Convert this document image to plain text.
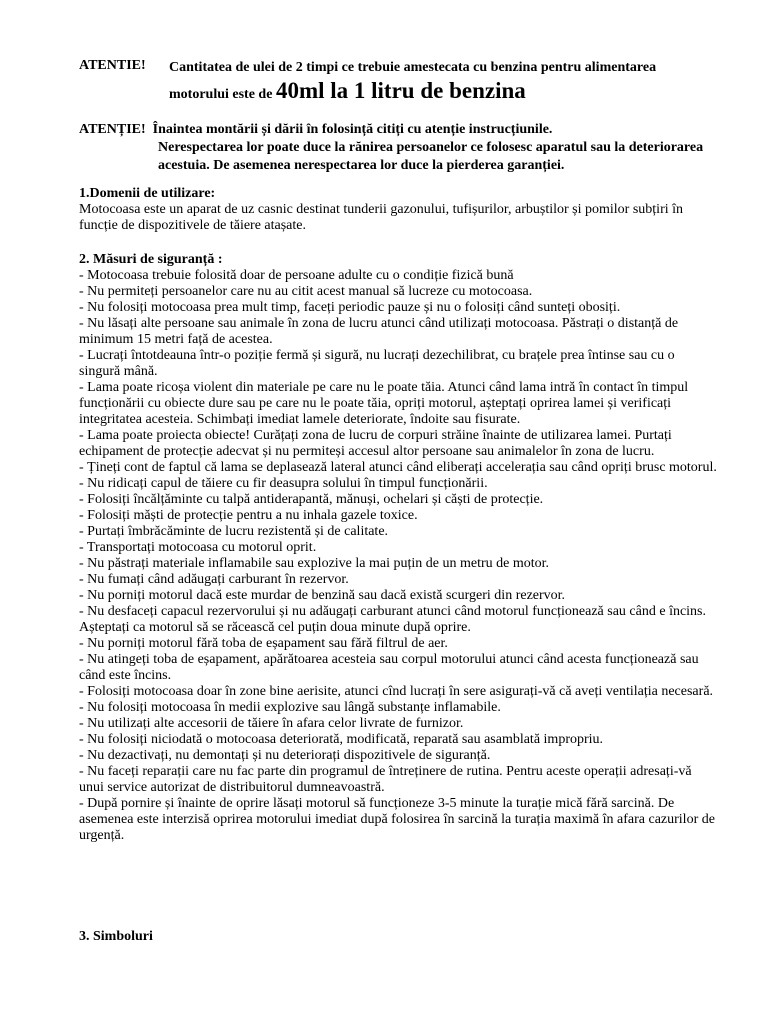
ATENTIE! Cantitatea de ulei de 2 timpi ce trebuie amestecata cu benzina pentru alimentarea
motorului este de 40ml la 1 litru de benzina
ATENȚIE! Înaintea montării și dării în folosință citiți cu atenție instrucțiunile.
Nerespectarea lor poate duce la rănirea persoanelor ce folosesc aparatul sau la deteriorarea
acestuia. De asemenea nerespectarea lor duce la pierderea garanției.
1.Domenii de utilizare:

Motocoasa este un aparat de uz casnic destinat tunderii gazonului, tufișurilor, arbuștilor și pomilor subțiri în funcție de dispozitivele de tăiere atașate.

2. Măsuri de siguranță :
- Motocoasa trebuie folosită doar de persoane adulte cu o condiție fizică bună
- Nu permiteți persoanelor care nu au citit acest manual să lucreze cu motocoasa.
- Nu folosiți motocoasa prea mult timp, faceți periodic pauze și nu o folosiți când sunteți obosiți.
- Nu lăsați alte persoane sau animale în zona de lucru atunci când utilizați motocoasa. Păstrați o distanță de minimum 15 metri față de acestea.
- Lucrați întotdeauna într-o poziție fermă și sigură, nu lucrați dezechilibrat, cu brațele prea întinse sau cu o singură mână.
- Lama poate ricoșa violent din materiale pe care nu le poate tăia. Atunci când lama intră în contact în timpul funcționării cu obiecte dure sau pe care nu le poate tăia, opriți motorul, așteptați oprirea lamei și verificați integritatea acesteia. Schimbați imediat lamele deteriorate, îndoite sau fisurate.
- Lama poate proiecta obiecte! Curățați zona de lucru de corpuri străine înainte de utilizarea lamei. Purtați echipament de protecție adecvat și nu permiteși accesul altor persoane sau animalelor în zona de lucru.
- Țineți cont de faptul că lama se deplasează lateral atunci când eliberați accelerația sau când opriți brusc motorul.
- Nu ridicați capul de tăiere cu fir deasupra solului în timpul funcționării.
- Folosiți încălțăminte cu talpă antiderapantă, mănuși, ochelari și căști de protecție.
- Folosiți măști de protecție pentru a nu inhala gazele toxice.
- Purtați îmbrăcăminte de lucru rezistentă și de calitate.
- Transportați motocoasa cu motorul oprit.
- Nu păstrați materiale inflamabile sau explozive la mai puțin de un metru de motor.
- Nu fumați când adăugați carburant în rezervor.
- Nu porniți motorul dacă este murdar de benzină sau dacă există scurgeri din rezervor.
- Nu desfaceți capacul rezervorului și nu adăugați carburant atunci când motorul funcționează sau când e încins. Așteptați ca motorul să se răcească cel puțin doua minute după oprire.
- Nu porniți motorul fără toba de eșapament sau fără filtrul de aer.
- Nu atingeți toba de eșapament, apărătoarea acesteia sau corpul motorului atunci când acesta funcționează sau când este încins.
- Folosiți motocoasa doar în zone bine aerisite, atunci cînd lucrați în sere asigurați-vă că aveți ventilația necesară.
- Nu folosiți motocoasa în medii explozive sau lângă substanțe inflamabile.
- Nu utilizați alte accesorii de tăiere în afara celor livrate de furnizor.
- Nu folosiți niciodată o motocoasa deteriorată, modificată, reparată sau asamblată impropriu.
- Nu dezactivați, nu demontați și nu deteriorați dispozitivele de siguranță.
- Nu faceți reparații care nu fac parte din programul de întreținere de rutina. Pentru aceste operații adresați-vă unui service autorizat de distribuitorul dumneavoastră.
- După pornire și înainte de oprire lăsați motorul să funcționeze 3-5 minute la turație mică fără sarcină. De asemenea este interzisă oprirea motorului imediat după folosirea în sarcină la turația maximă în afara cazurilor de urgență.
3. Simboluri
